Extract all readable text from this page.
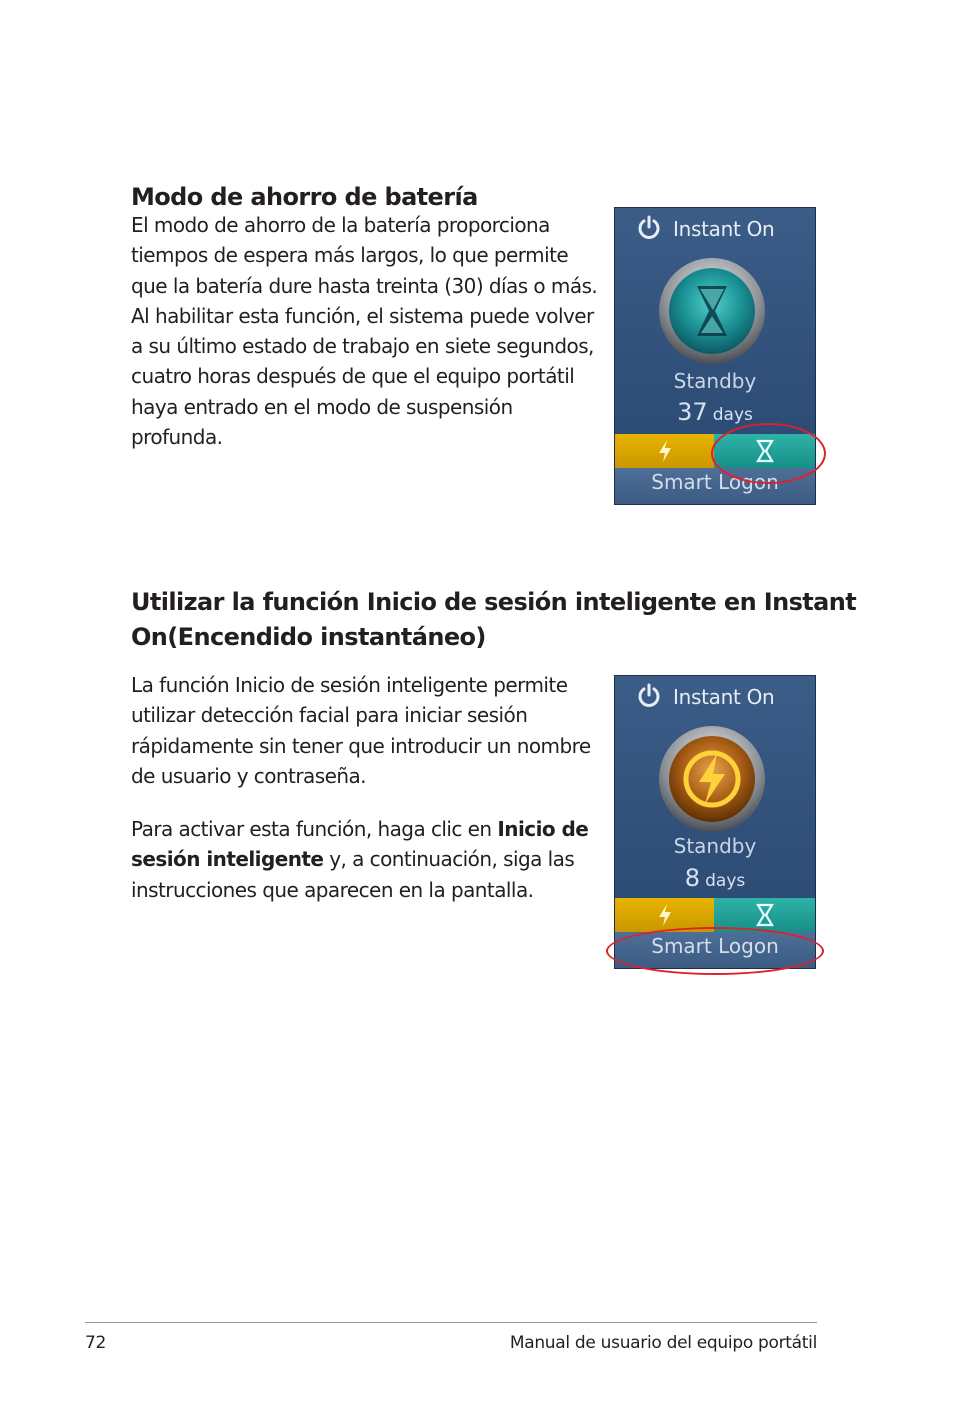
Modo de ahorro de batería

El modo de ahorro de la batería proporciona tiempos de espera más largos, lo que permite que la batería dure hasta treinta (30) días o más. Al habilitar esta función, el sistema puede volver a su último estado de trabajo en siete segundos, cuatro horas después de que el equipo portátil haya entrado en el modo de suspensión profunda.

Instant On
Standby
37 days
Smart Logon
Utilizar la función Inicio de sesión inteligente en Instant
On(Encendido instantáneo)

La función Inicio de sesión inteligente permite utilizar detección facial para iniciar sesión rápidamente sin tener que introducir un nombre de usuario y contraseña.

Para activar esta función, haga clic en Inicio de sesión inteligente y, a continuación, siga las instrucciones que aparecen en la pantalla.

Instant On
Standby
8 days
Smart Logon
72	Manual de usuario del equipo portátil
